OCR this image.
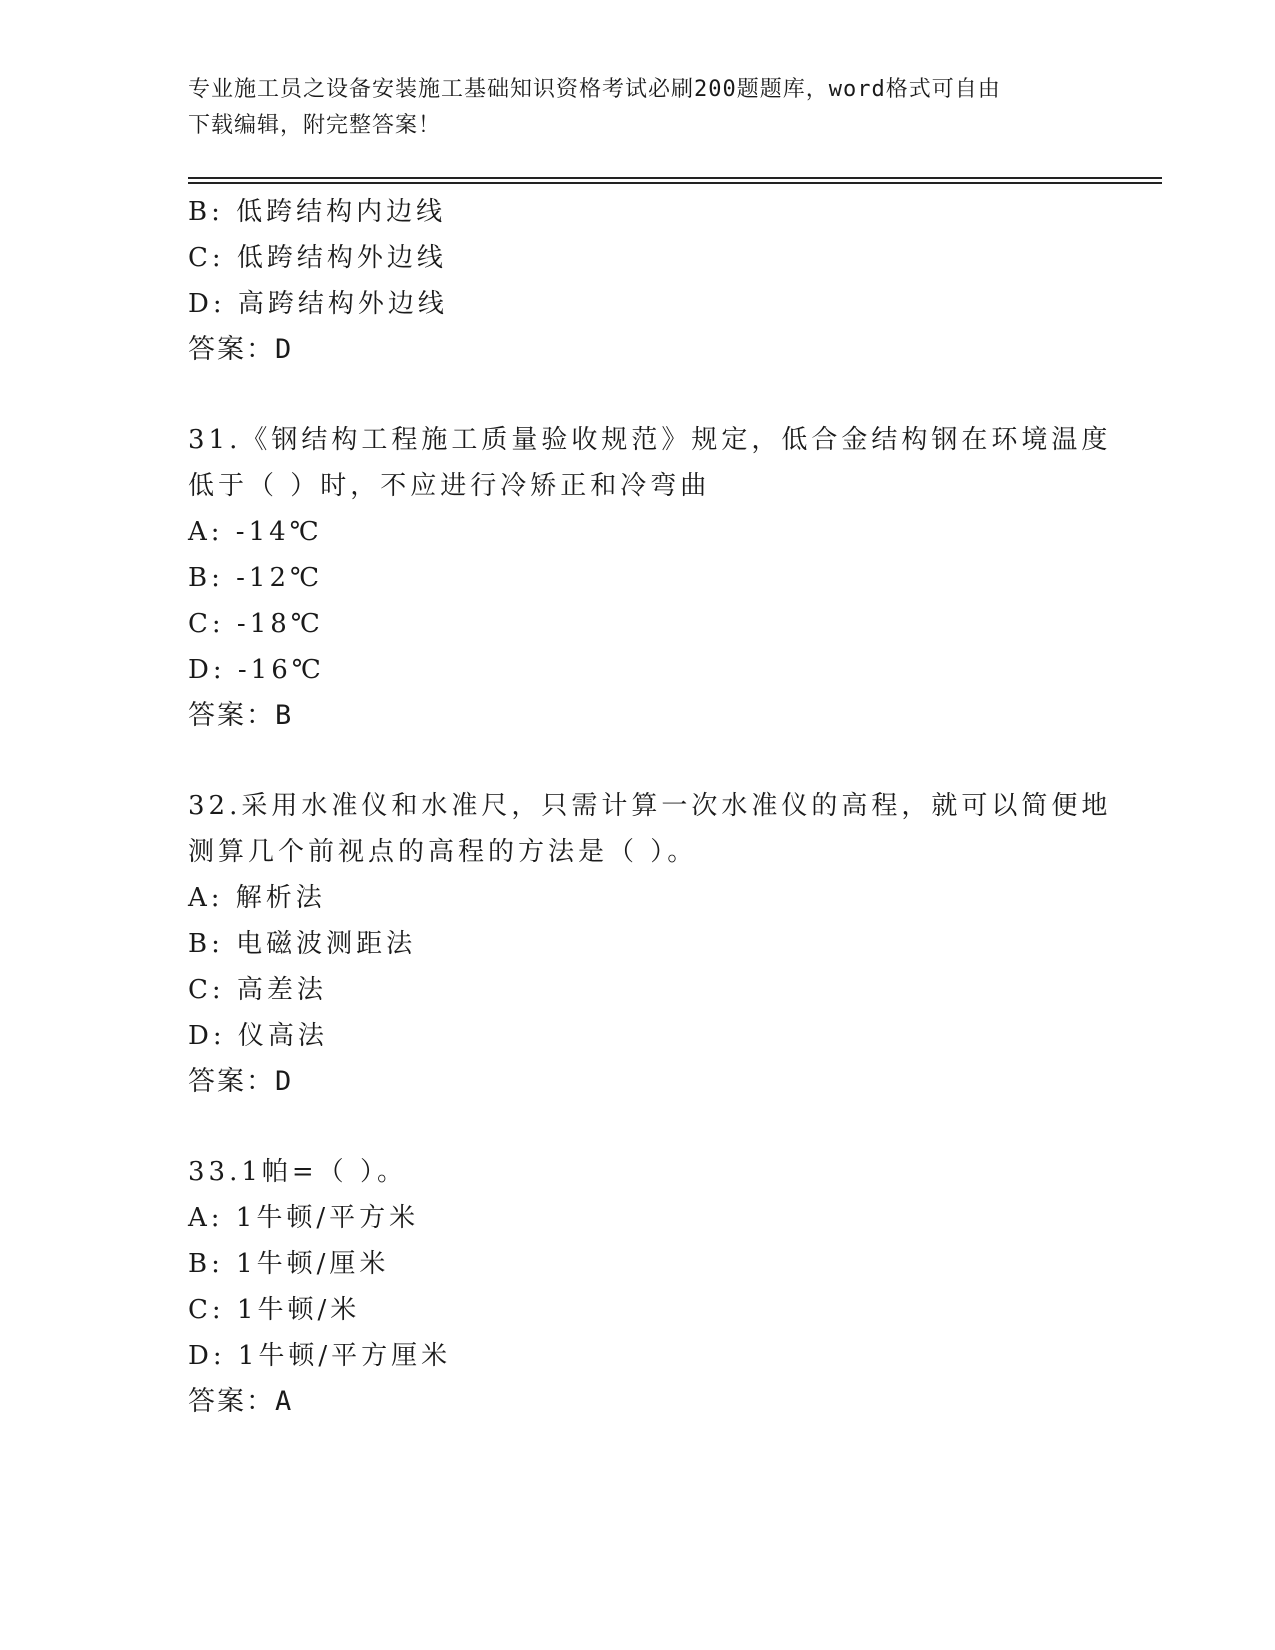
专业施工员之设备安装施工基础知识资格考试必刷200题题库，word格式可自由
下载编辑，附完整答案！
B: 低跨结构内边线
C: 低跨结构外边线
D: 高跨结构外边线
答案：D
31.《钢结构工程施工质量验收规范》规定，低合金结构钢在环境温度
低于（ ）时，不应进行冷矫正和冷弯曲
A: -14℃
B: -12℃
C: -18℃
D: -16℃
答案：B
32.采用水准仪和水准尺，只需计算一次水准仪的高程，就可以简便地
测算几个前视点的高程的方法是（ ）。
A: 解析法
B: 电磁波测距法
C: 高差法
D: 仪高法
答案：D
33.1帕=（ ）。
A: 1牛顿/平方米
B: 1牛顿/厘米
C: 1牛顿/米
D: 1牛顿/平方厘米
答案：A
